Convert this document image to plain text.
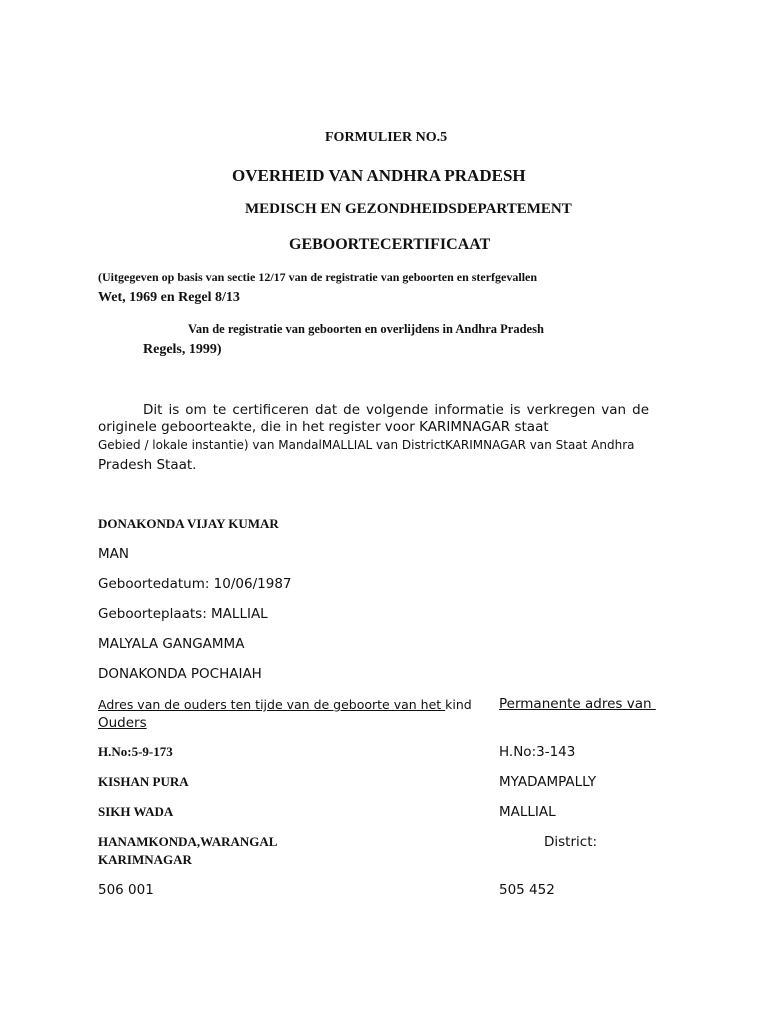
FORMULIER NO.5
OVERHEID VAN ANDHRA PRADESH
MEDISCH EN GEZONDHEIDSDEPARTEMENT
GEBOORTECERTIFICAAT
(Uitgegeven op basis van sectie 12/17 van de registratie van geboorten en sterfgevallen
Wet, 1969 en Regel 8/13
Van de registratie van geboorten en overlijdens in Andhra Pradesh
Regels, 1999)
Dit is om te certificeren dat de volgende informatie is verkregen van de originele geboorteakte, die in het register voor KARIMNAGAR staat
Gebied / lokale instantie) van MandalMALLIAL van DistrictKARIMNAGAR van Staat Andhra
Pradesh Staat.
DONAKONDA VIJAY KUMAR
MAN
Geboortedatum: 10/06/1987
Geboorteplaats: MALLIAL
MALYALA GANGAMMA
DONAKONDA POCHAIAH
Adres van de ouders ten tijde van de geboorte van het kind
Ouders
Permanente adres van
H.No:5-9-173
KISHAN PURA
SIKH WADA
HANAMKONDA,WARANGAL
KARIMNAGAR
506 001
H.No:3-143
MYADAMPALLY
MALLIAL
District:
505 452
